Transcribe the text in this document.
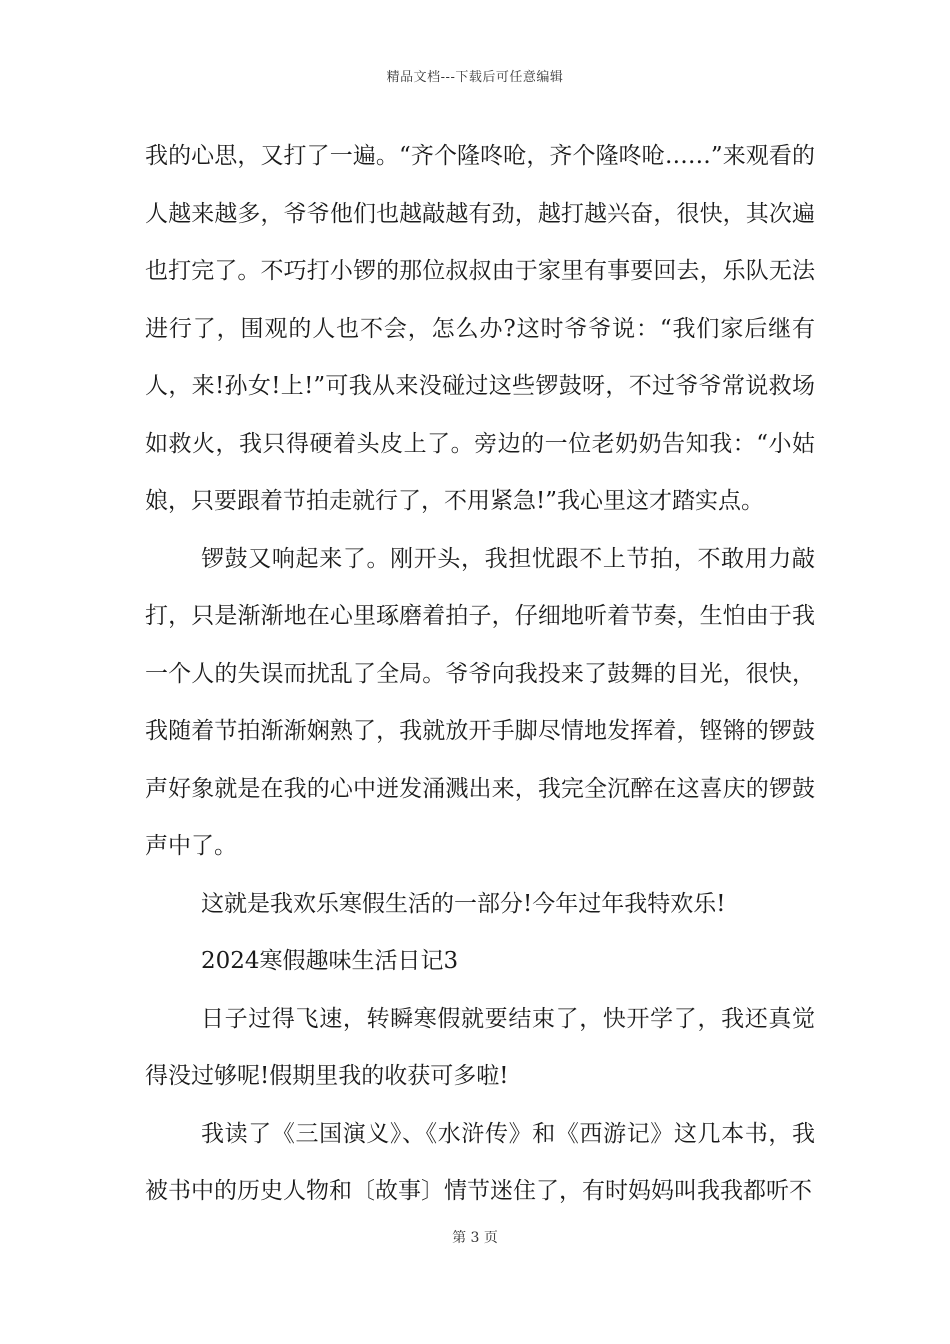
精品文档---下载后可任意编辑

我的心思，又打了一遍。“齐个隆咚呛，齐个隆咚呛……”来观看的人越来越多，爷爷他们也越敲越有劲，越打越兴奋，很快，其次遍也打完了。不巧打小锣的那位叔叔由于家里有事要回去，乐队无法进行了，围观的人也不会，怎么办?这时爷爷说：“我们家后继有人，来!孙女!上!”可我从来没碰过这些锣鼓呀，不过爷爷常说救场如救火，我只得硬着头皮上了。旁边的一位老奶奶告知我：“小姑娘，只要跟着节拍走就行了，不用紧急!”我心里这才踏实点。

锣鼓又响起来了。刚开头，我担忧跟不上节拍，不敢用力敲打，只是渐渐地在心里琢磨着拍子，仔细地听着节奏，生怕由于我一个人的失误而扰乱了全局。爷爷向我投来了鼓舞的目光，很快，我随着节拍渐渐娴熟了，我就放开手脚尽情地发挥着，铿锵的锣鼓声好象就是在我的心中迸发涌溅出来，我完全沉醉在这喜庆的锣鼓声中了。

这就是我欢乐寒假生活的一部分!今年过年我特欢乐!

2024寒假趣味生活日记3

日子过得飞速，转瞬寒假就要结束了，快开学了，我还真觉得没过够呢!假期里我的收获可多啦!

我读了《三国演义》、《水浒传》和《西游记》这几本书，我被书中的历史人物和〔故事〕情节迷住了，有时妈妈叫我我都听不

第 3 页
